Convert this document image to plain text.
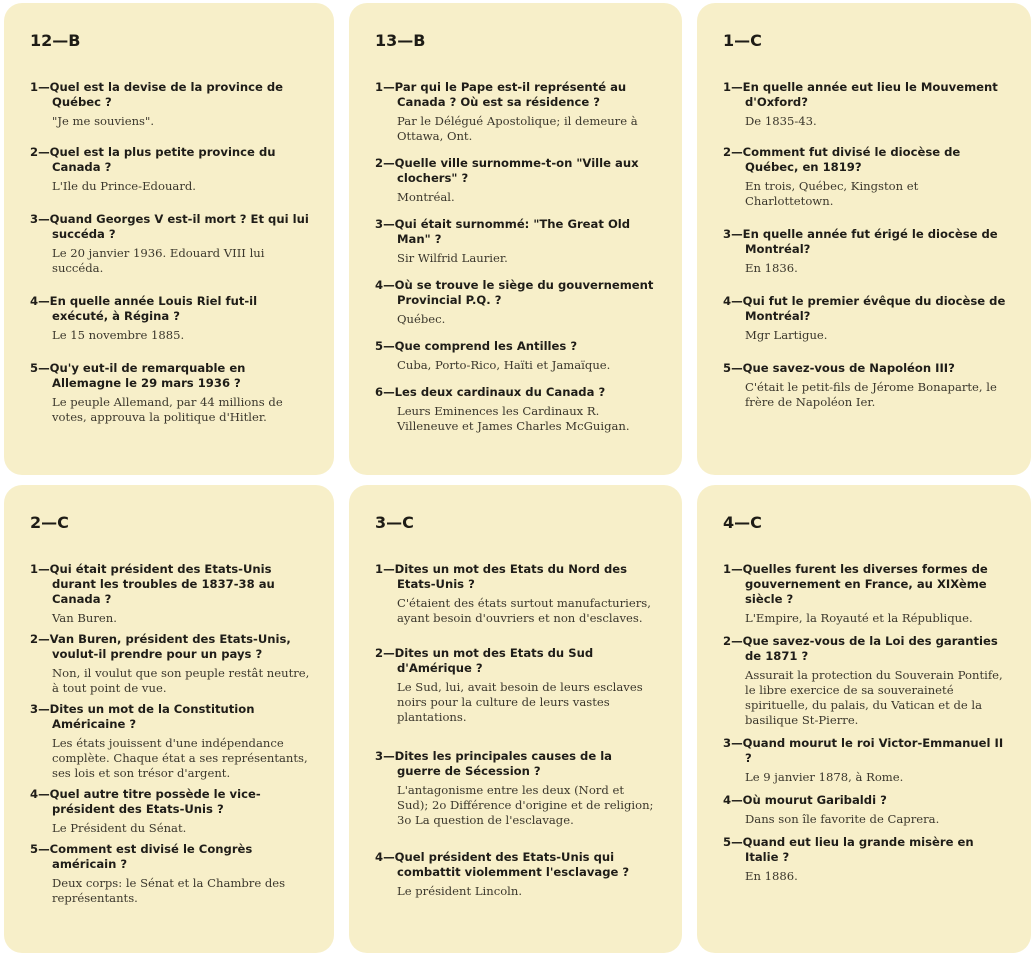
12—B

1—Quel est la devise de la province de Québec ?

"Je me souviens".

2—Quel est la plus petite province du Canada ?

L'Ile du Prince-Edouard.

3—Quand Georges V est-il mort ? Et qui lui succéda ?

Le 20 janvier 1936. Edouard VIII lui succéda.

4—En quelle année Louis Riel fut-il exécuté, à Régina ?

Le 15 novembre 1885.

5—Qu'y eut-il de remarquable en Allemagne le 29 mars 1936 ?

Le peuple Allemand, par 44 millions de votes, approuva la politique d'Hitler.

13—B

1—Par qui le Pape est-il représenté au Canada ? Où est sa résidence ?

Par le Délégué Apostolique; il demeure à Ottawa, Ont.

2—Quelle ville surnomme-t-on "Ville aux clochers" ?

Montréal.

3—Qui était surnommé: "The Great Old Man" ?

Sir Wilfrid Laurier.

4—Où se trouve le siège du gouvernement Provincial P.Q. ?

Québec.

5—Que comprend les Antilles ?

Cuba, Porto-Rico, Haïti et Jamaïque.

6—Les deux cardinaux du Canada ?

Leurs Eminences les Cardinaux R. Villeneuve et James Charles McGuigan.

1—C

1—En quelle année eut lieu le Mouvement d'Oxford?

De 1835-43.

2—Comment fut divisé le diocèse de Québec, en 1819?

En trois, Québec, Kingston et Charlottetown.

3—En quelle année fut érigé le diocèse de Montréal?

En 1836.

4—Qui fut le premier évêque du diocèse de Montréal?

Mgr Lartigue.

5—Que savez-vous de Napoléon III?

C'était le petit-fils de Jérome Bonaparte, le frère de Napoléon Ier.

2—C

1—Qui était président des Etats-Unis durant les troubles de 1837-38 au Canada ?

Van Buren.

2—Van Buren, président des Etats-Unis, voulut-il prendre pour un pays ?

Non, il voulut que son peuple restât neutre, à tout point de vue.

3—Dites un mot de la Constitution Américaine ?

Les états jouissent d'une indépendance complète. Chaque état a ses représentants, ses lois et son trésor d'argent.

4—Quel autre titre possède le vice-président des Etats-Unis ?

Le Président du Sénat.

5—Comment est divisé le Congrès américain ?

Deux corps: le Sénat et la Chambre des représentants.

3—C

1—Dites un mot des Etats du Nord des Etats-Unis ?

C'étaient des états surtout manufacturiers, ayant besoin d'ouvriers et non d'esclaves.

2—Dites un mot des Etats du Sud d'Amérique ?

Le Sud, lui, avait besoin de leurs esclaves noirs pour la culture de leurs vastes plantations.

3—Dites les principales causes de la guerre de Sécession ?

L'antagonisme entre les deux (Nord et Sud); 2o Différence d'origine et de religion; 3o La question de l'esclavage.

4—Quel président des Etats-Unis qui combattit violemment l'esclavage ?

Le président Lincoln.

4—C

1—Quelles furent les diverses formes de gouvernement en France, au XIXème siècle ?

L'Empire, la Royauté et la République.

2—Que savez-vous de la Loi des garanties de 1871 ?

Assurait la protection du Souverain Pontife, le libre exercice de sa souveraineté spirituelle, du palais, du Vatican et de la basilique St-Pierre.

3—Quand mourut le roi Victor-Emmanuel II ?

Le 9 janvier 1878, à Rome.

4—Où mourut Garibaldi ?

Dans son île favorite de Caprera.

5—Quand eut lieu la grande misère en Italie ?

En 1886.
